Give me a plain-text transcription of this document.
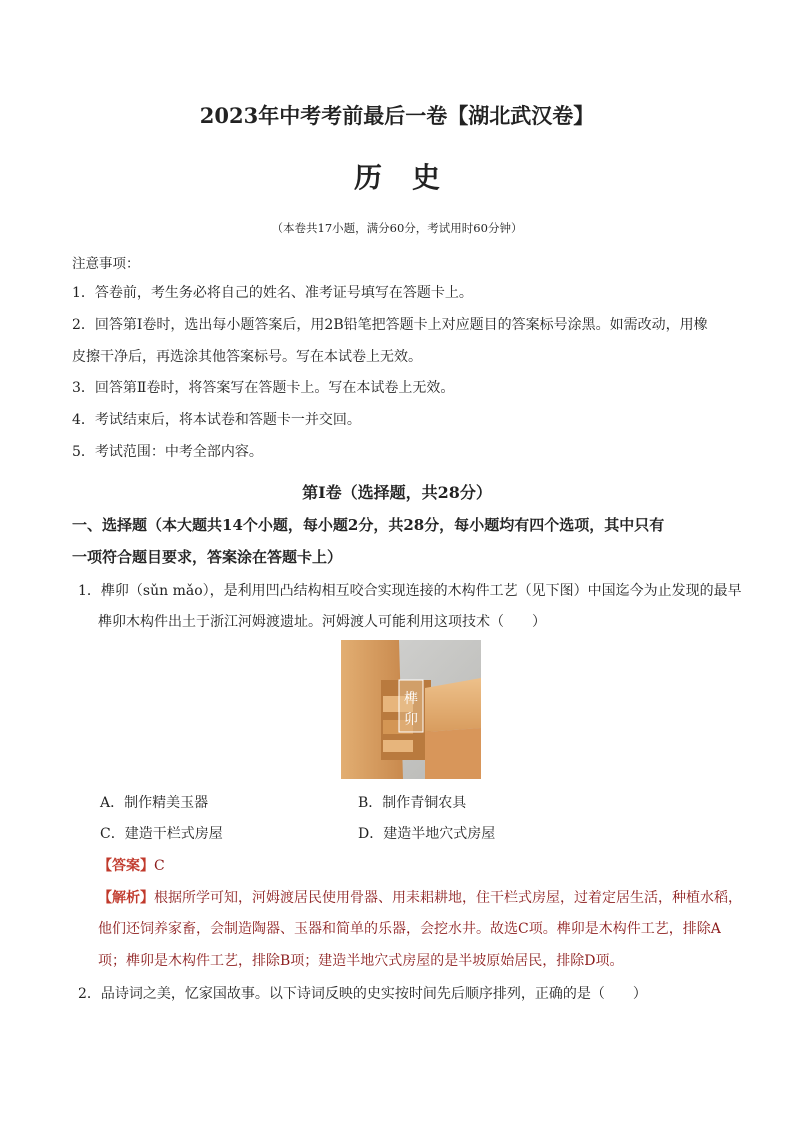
2023年中考考前最后一卷【湖北武汉卷】
历史
（本卷共17小题，满分60分，考试用时60分钟）
注意事项：
1．答卷前，考生务必将自己的姓名、准考证号填写在答题卡上。
2．回答第Ⅰ卷时，选出每小题答案后，用2B铅笔把答题卡上对应题目的答案标号涂黑。如需改动，用橡
皮擦干净后，再选涂其他答案标号。写在本试卷上无效。
3．回答第Ⅱ卷时，将答案写在答题卡上。写在本试卷上无效。
4．考试结束后，将本试卷和答题卡一并交回。
5．考试范围：中考全部内容。
第Ⅰ卷（选择题，共28分）
一、选择题（本大题共14个小题，每小题2分，共28分，每小题均有四个选项，其中只有
一项符合题目要求，答案涂在答题卡上）
1．榫卯（sǔn mǎo），是利用凹凸结构相互咬合实现连接的木构件工艺（见下图）中国迄今为止发现的最早
榫卯木构件出土于浙江河姆渡遗址。河姆渡人可能利用这项技术（　　）
榫
卯
A．制作精美玉器	B．制作青铜农具
C．建造干栏式房屋	D．建造半地穴式房屋
【答案】C
【解析】根据所学可知，河姆渡居民使用骨器、用耒耜耕地，住干栏式房屋，过着定居生活，种植水稻，
他们还饲养家畜，会制造陶器、玉器和简单的乐器，会挖水井。故选C项。榫卯是木构件工艺，排除A
项；榫卯是木构件工艺，排除B项；建造半地穴式房屋的是半坡原始居民，排除D项。
2．品诗词之美，忆家国故事。以下诗词反映的史实按时间先后顺序排列，正确的是（　　）
